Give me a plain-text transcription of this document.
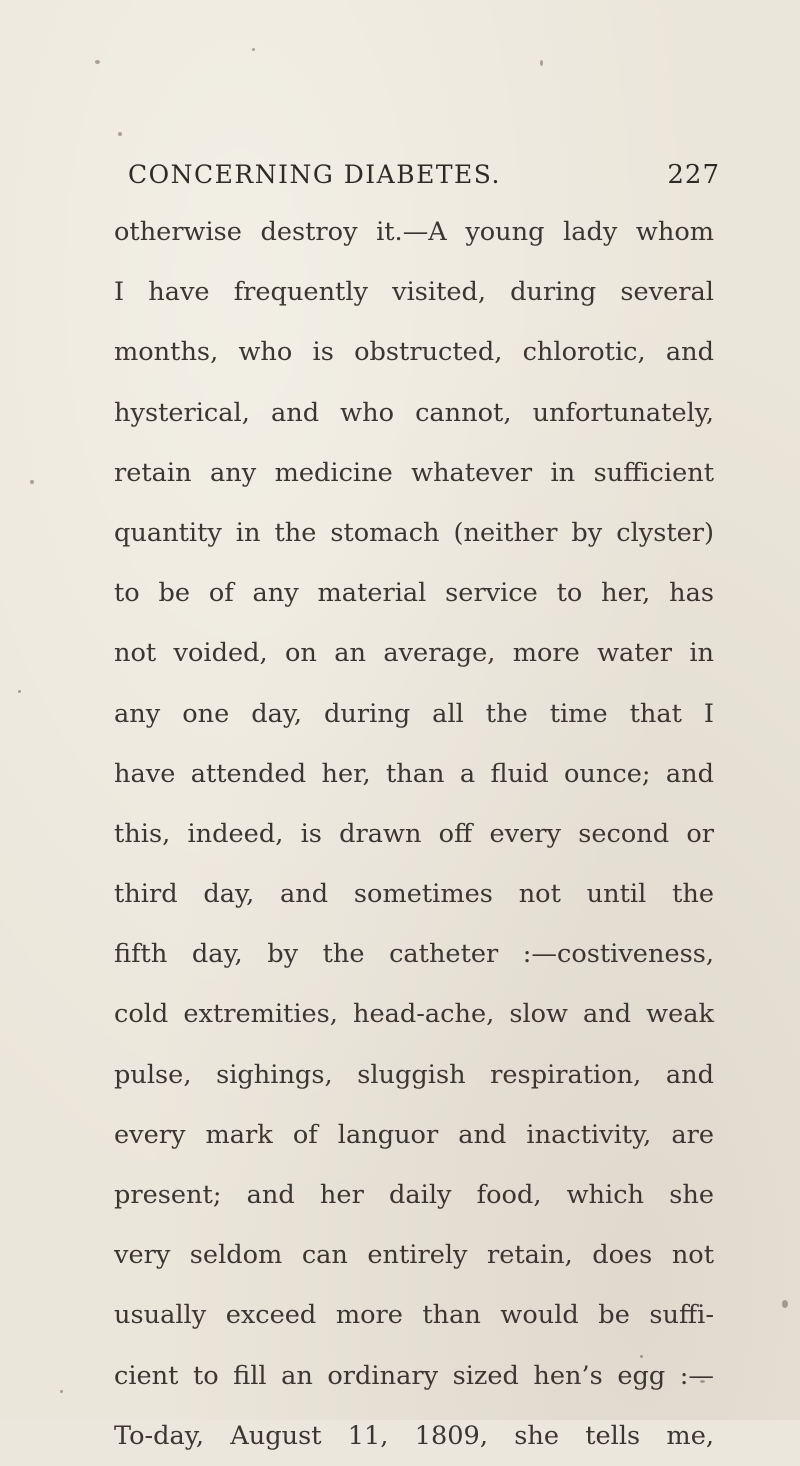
CONCERNING DIABETES.	227
otherwise destroy it.—A young lady whom
I have frequently visited, during several
months, who is obstructed, chlorotic, and
hysterical, and who cannot, unfortunately,
retain any medicine whatever in sufficient
quantity in the stomach (neither by clyster)
to be of any material service to her, has
not voided, on an average, more water in
any one day, during all the time that I
have attended her, than a fluid ounce; and
this, indeed, is drawn off every second or
third day, and sometimes not until the
fifth day, by the catheter :—costiveness,
cold extremities, head-ache, slow and weak
pulse, sighings, sluggish respiration, and
every mark of languor and inactivity, are
present; and her daily food, which she
very seldom can entirely retain, does not
usually exceed more than would be suffi-
cient to fill an ordinary sized hen’s egg :—
To-day, August 11, 1809, she tells me,
